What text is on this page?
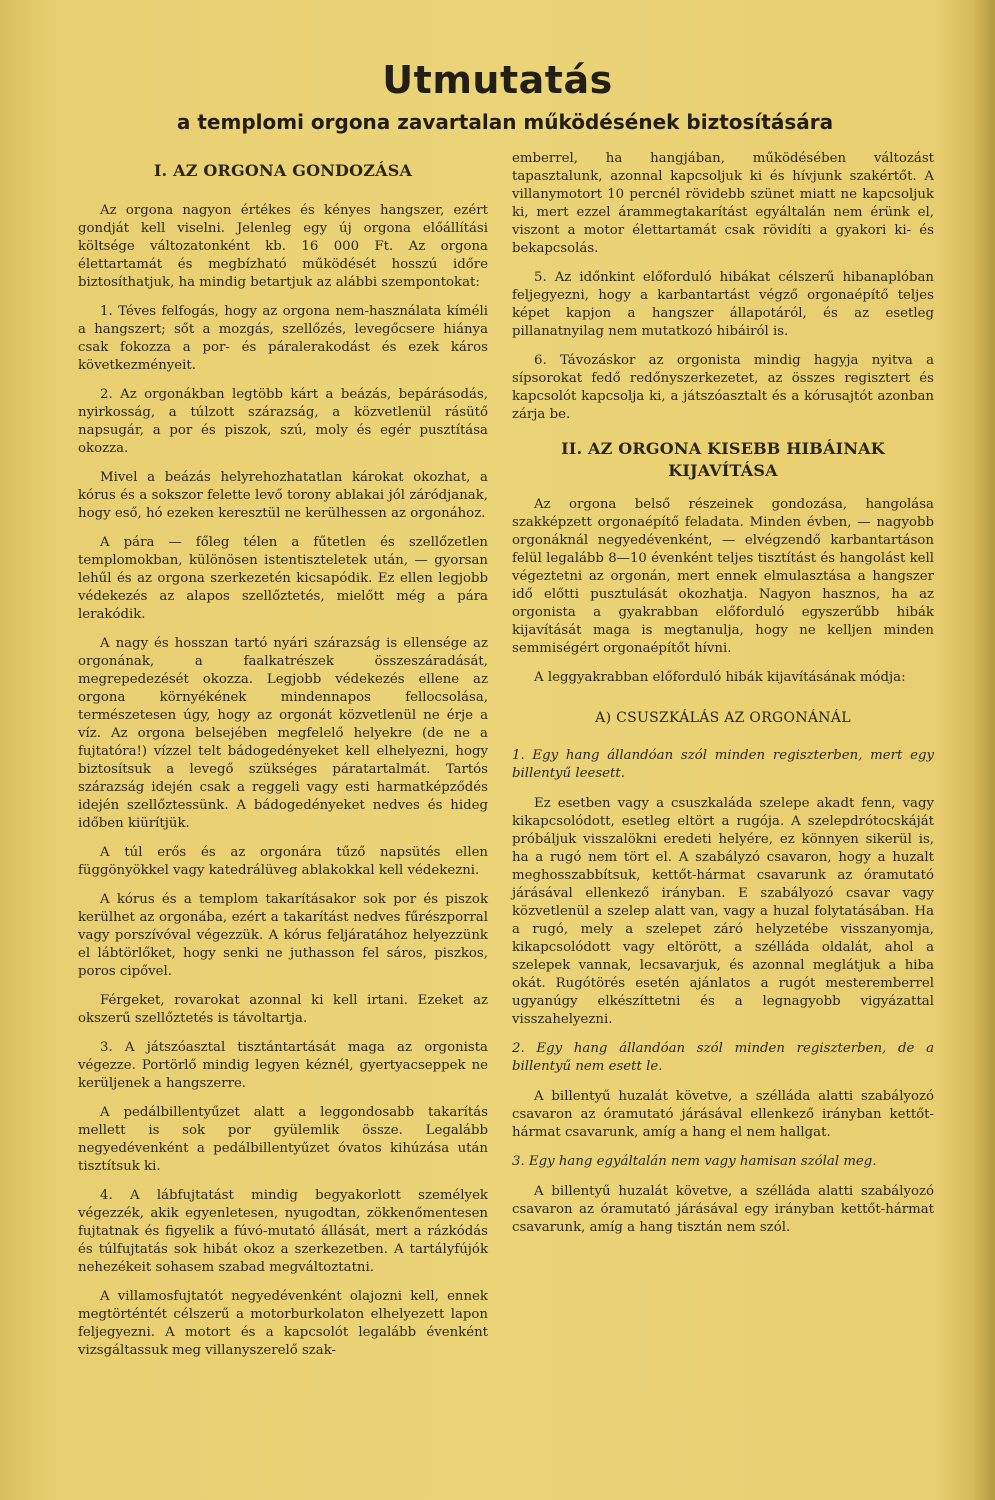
Utmutatás
a templomi orgona zavartalan működésének biztosítására
I. AZ ORGONA GONDOZÁSA

Az orgona nagyon értékes és kényes hangszer, ezért gondját kell viselni. Jelenleg egy új orgona előállítási költsége változatonként kb. 16 000 Ft. Az orgona élettartamát és megbízható működését hosszú időre biztosíthatjuk, ha mindig betartjuk az alábbi szempontokat:

1. Téves felfogás, hogy az orgona nem-használata kíméli a hangszert; sőt a mozgás, szellőzés, levegőcsere hiánya csak fokozza a por- és páralerakodást és ezek káros következményeit.

2. Az orgonákban legtöbb kárt a beázás, bepárásodás, nyirkosság, a túlzott szárazság, a közvetlenül rásütő napsugár, a por és piszok, szú, moly és egér pusztítása okozza.

Mivel a beázás helyrehozhatatlan károkat okozhat, a kórus és a sokszor felette levő torony ablakai jól záródjanak, hogy eső, hó ezeken keresztül ne kerülhessen az orgonához.

A pára — főleg télen a fűtetlen és szellőzetlen templomokban, különösen istentiszteletek után, — gyorsan lehűl és az orgona szerkezetén kicsapódik. Ez ellen legjobb védekezés az alapos szellőztetés, mielőtt még a pára lerakódik.

A nagy és hosszan tartó nyári szárazság is ellensége az orgonának, a faalkatrészek összeszáradását, megrepedezését okozza. Legjobb védekezés ellene az orgona környékének mindennapos fellocsolása, természetesen úgy, hogy az orgonát közvetlenül ne érje a víz. Az orgona belsejében megfelelő helyekre (de ne a fujtatóra!) vízzel telt bádogedényeket kell elhelyezni, hogy biztosítsuk a levegő szükséges páratartalmát. Tartós szárazság idején csak a reggeli vagy esti harmatképződés idején szellőztessünk. A bádogedényeket nedves és hideg időben kiürítjük.

A túl erős és az orgonára tűző napsütés ellen függönyökkel vagy katedrálüveg ablakokkal kell védekezni.

A kórus és a templom takarításakor sok por és piszok kerülhet az orgonába, ezért a takarítást nedves fűrészporral vagy porszívóval végezzük. A kórus feljáratához helyezzünk el lábtörlőket, hogy senki ne juthasson fel sáros, piszkos, poros cipővel.

Férgeket, rovarokat azonnal ki kell irtani. Ezeket az okszerű szellőztetés is távoltartja.

3. A játszóasztal tisztántartását maga az orgonista végezze. Portörlő mindig legyen kéznél, gyertyacseppek ne kerüljenek a hangszerre.

A pedálbillentyűzet alatt a leggondosabb takarítás mellett is sok por gyülemlik össze. Legalább negyedévenként a pedálbillentyűzet óvatos kihúzása után tisztítsuk ki.

4. A lábfujtatást mindig begyakorlott személyek végezzék, akik egyenletesen, nyugodtan, zökkenőmentesen fujtatnak és figyelik a fúvó-mutató állását, mert a rázkódás és túlfujtatás sok hibát okoz a szerkezetben. A tartályfújók nehezékeit sohasem szabad megváltoztatni.

A villamosfujtatót negyedévenként olajozni kell, ennek megtörténtét célszerű a motorburkolaton elhelyezett lapon feljegyezni. A motort és a kapcsolót legalább évenként vizsgáltassuk meg villanyszerelő szak-

emberrel, ha hangjában, működésében változást tapasztalunk, azonnal kapcsoljuk ki és hívjunk szakértőt. A villanymotort 10 percnél rövidebb szünet miatt ne kapcsoljuk ki, mert ezzel árammegtakarítást egyáltalán nem érünk el, viszont a motor élettartamát csak rövidíti a gyakori ki- és bekapcsolás.

5. Az időnkint előforduló hibákat célszerű hibanaplóban feljegyezni, hogy a karbantartást végző orgonaépítő teljes képet kapjon a hangszer állapotáról, és az esetleg pillanatnyilag nem mutatkozó hibáiról is.

6. Távozáskor az orgonista mindig hagyja nyitva a sípsorokat fedő redőnyszerkezetet, az összes regisztert és kapcsolót kapcsolja ki, a játszóasztalt és a kórusajtót azonban zárja be.

II. AZ ORGONA KISEBB HIBÁINAK KIJAVÍTÁSA

Az orgona belső részeinek gondozása, hangolása szakképzett orgonaépítő feladata. Minden évben, — nagyobb orgonáknál negyedévenként, — elvégzendő karbantartáson felül legalább 8—10 évenként teljes tisztítást és hangolást kell végeztetni az orgonán, mert ennek elmulasztása a hangszer idő előtti pusztulását okozhatja. Nagyon hasznos, ha az orgonista a gyakrabban előforduló egyszerűbb hibák kijavítását maga is megtanulja, hogy ne kelljen minden semmiségért orgonaépítőt hívni.

A leggyakrabban előforduló hibák kijavításának módja:

A) CSUSZKÁLÁS AZ ORGONÁNÁL
1. Egy hang állandóan szól minden regiszterben, mert egy billentyű leesett.

Ez esetben vagy a csuszkaláda szelepe akadt fenn, vagy kikapcsolódott, esetleg eltört a rugója. A szelepdrótocskáját próbáljuk visszalökni eredeti helyére, ez könnyen sikerül is, ha a rugó nem tört el. A szabályzó csavaron, hogy a huzalt meghosszabbítsuk, kettőt-hármat csavarunk az óramutató járásával ellenkező irányban. E szabályozó csavar vagy közvetlenül a szelep alatt van, vagy a huzal folytatásában. Ha a rugó, mely a szelepet záró helyzetébe visszanyomja, kikapcsolódott vagy eltörött, a szélláda oldalát, ahol a szelepek vannak, lecsavarjuk, és azonnal meglátjuk a hiba okát. Rugótörés esetén ajánlatos a rugót mesteremberrel ugyanúgy elkészíttetni és a legnagyobb vigyázattal visszahelyezni.

2. Egy hang állandóan szól minden regiszterben, de a billentyű nem esett le.

A billentyű huzalát követve, a szélláda alatti szabályozó csavaron az óramutató járásával ellenkező irányban kettőt-hármat csavarunk, amíg a hang el nem hallgat.

3. Egy hang egyáltalán nem vagy hamisan szólal meg.

A billentyű huzalát követve, a szélláda alatti szabályozó csavaron az óramutató járásával egy irányban kettőt-hármat csavarunk, amíg a hang tisztán nem szól.
